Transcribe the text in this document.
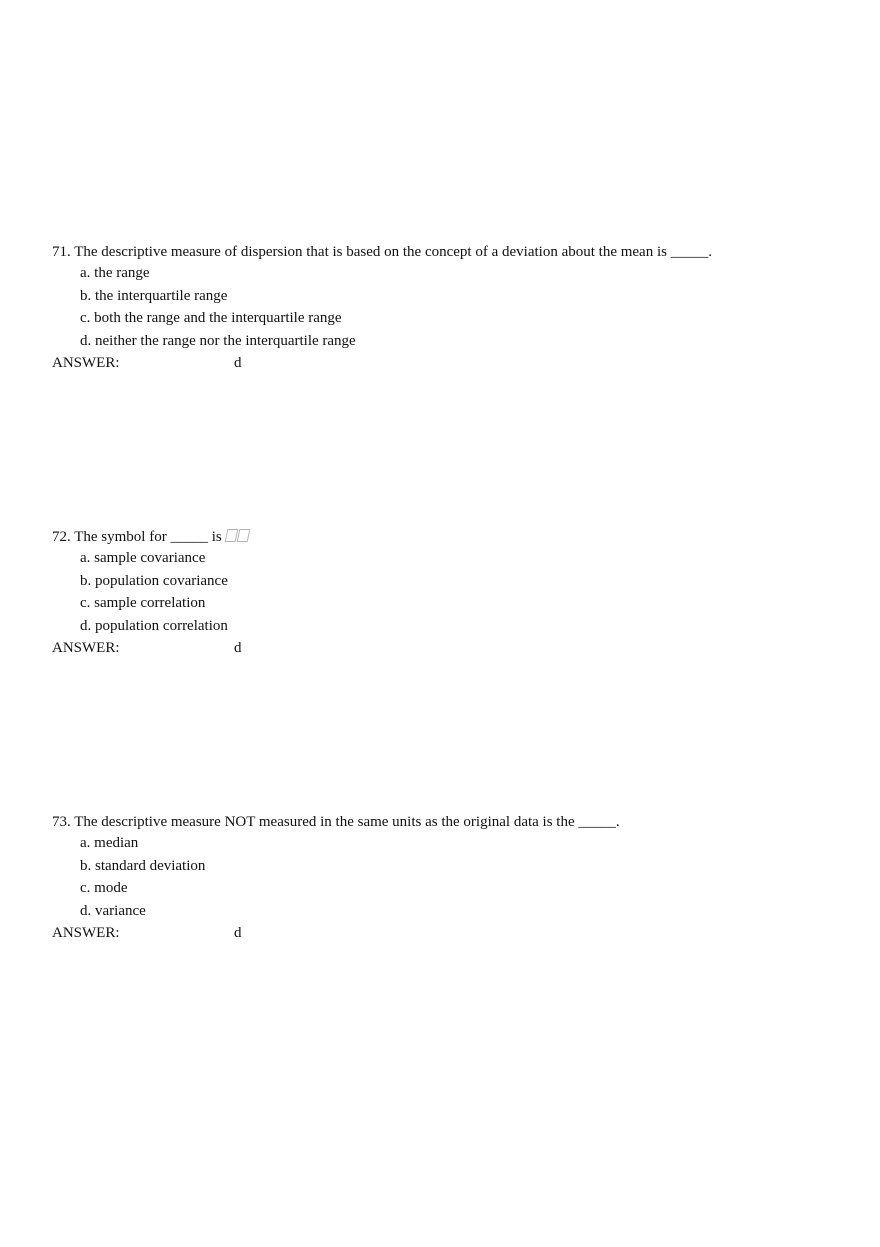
71. The descriptive measure of dispersion that is based on the concept of a deviation about the mean is _____.
a. the range
b. the interquartile range
c. both the range and the interquartile range
d. neither the range nor the interquartile range
ANSWER:	d
72. The symbol for _____ is
a. sample covariance
b. population covariance
c. sample correlation
d. population correlation
ANSWER:	d
73. The descriptive measure NOT measured in the same units as the original data is the _____.
a. median
b. standard deviation
c. mode
d. variance
ANSWER:	d
